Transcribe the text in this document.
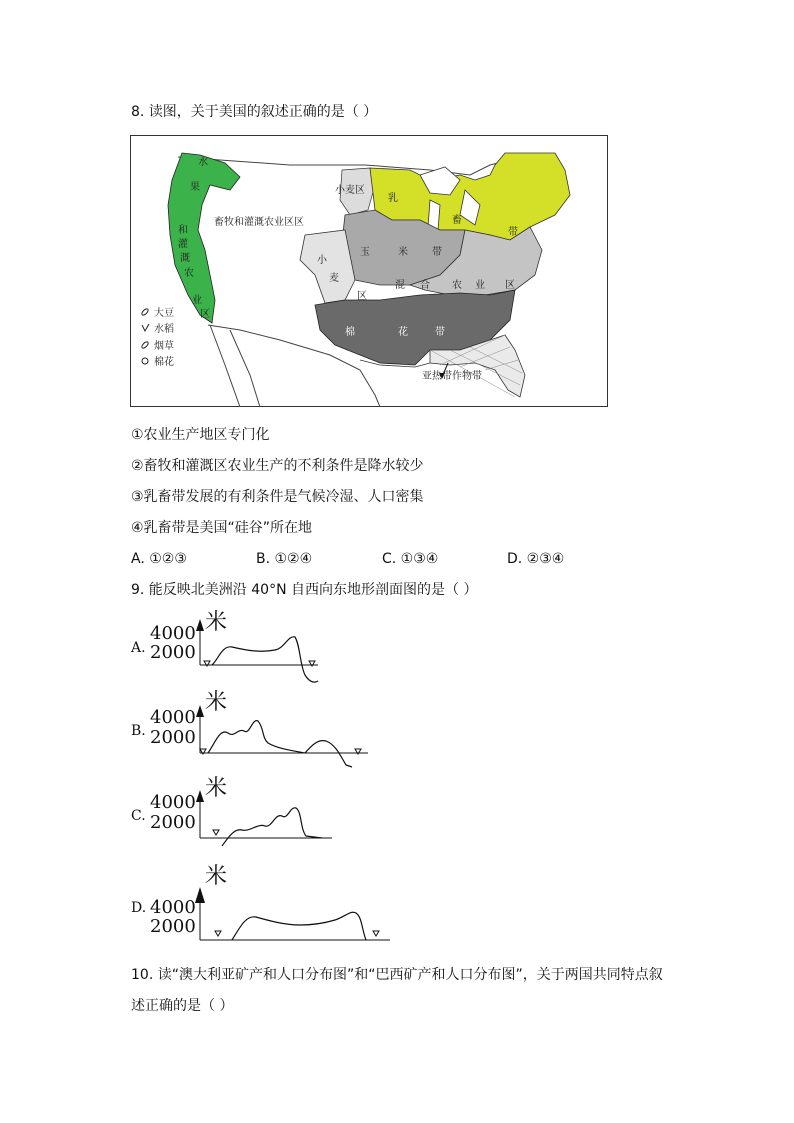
8. 读图，关于美国的叙述正确的是（ ）
乳
畜
带
小麦区
畜牧和灌溉农业区区
小
麦
区
玉	米 带
混 合 农 业 区
棉	花	带
亚热带作物带
水
果
和
灌
溉
农
业
区
大豆
水稻
烟草
棉花
①农业生产地区专门化
②畜牧和灌溉区农业生产的不利条件是降水较少
③乳畜带发展的有利条件是气候冷湿、人口密集
④乳畜带是美国“硅谷”所在地
A. ①②③	B. ①②④	C. ①③④	D. ②③④
9. 能反映北美洲沿 40°N 自西向东地形剖面图的是（ ）
A.
米
4000
2000
B.
米
4000
2000
C.
米
4000
2000
D.
米
4000
2000
10. 读“澳大利亚矿产和人口分布图”和“巴西矿产和人口分布图”，关于两国共同特点叙
述正确的是（ ）
